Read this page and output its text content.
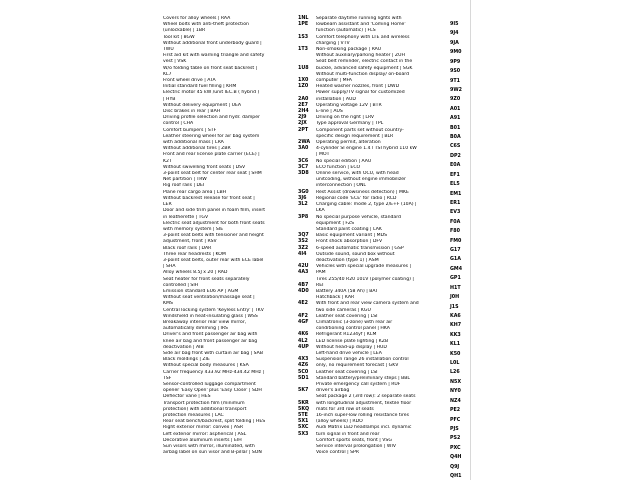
Covers for alloy wheels | RAA
Wheel bolts with anti-theft protection
(unlockable) | 1BR
Tool kit | 8GW
Without additional front underbody guard |
TWU
First aid kit with warning triangle and safety
vest | VSK
W/o folding table on front seat backrest |
KL7
Front wheel drive | ATA
Initial standard fuel filling | KRM
Electric motor 45 kW /unit IEC.B ( hybrid )
| HYB
Without delivery equipment | UEA
Disc brakes in rear | BAH
Driving profile selection and hydr. damper
control | CHA
Comfort bumpers | STF
Leather steering wheel for air bag system
with additional mass | LRA
Without additional tires | ZBR
Front and rear license plate carrier (ECE) |
K2T
Without swivelling front seats | DSV
3-point seat belt for center rear seat | SHM
Net partition | TRW
Rig roof rails | DEI
Plane rear cargo area | LBH
Without backrest release for front seat |
LER
Door and side trim panel in foam film, insert
in leatherette | TGV
Electric seat adjustment for both front seats
with memory system | SIE
3-point seat belts with tensioner and height
adjustment, front | RSV
Black roof rails | DAR
Three rear headrests | KOM
3-point seat belts, outer rear with ECE label
| SHA
Alloy wheels 8.5J x 20 | RAD
Seat heater for front seats separately
controlled | SIH
Emission standard EU6 AP | AGM
Without seat ventilation/massage seat |
KMS
Central locking system 'Keyless Entry' | TKV
Windshield in heat-insulating glass | WSS
Breakaway interior rear view mirror,
automatically dimming | IRS
Driver's and front passenger air bag with
knee air bag and front passenger air bag
deactivation | AIB
Side air bag front with curtain air bag | SAB
Black moldings | ZIE
Without special body measures | KSA
Carrier frequency 433.92 MHz-434.42 MHz |
TSF
Sensor-controlled luggage compartment
opener 'Easy Open' plus 'Easy Close' | SDH
Deflector vane | HES
Transport protection film (minimum
protection) with additional transport
protection measures | LAC
Rear seat bench/backrest, split folding | HES
Right exterior mirror: convex | ASR
Left exterior mirror: aspherical | ASL
Decorative aluminum inserts | EIH
Sun visors with mirror, illuminated, with
airbag label on sun visor and B-pillar | SON
1NL
1PE

1S3

1T3

1U8

1X0
1Z0

2A0
2E7
2H4
2J9
2JX
2PT

2WA
3A0

3C6
3C7
3D8

3G0
3J6
3L2

3P8

3Q7
3S2
3Z2
4I4

42U
4A3

4B7
4D0

4E2

4F2
4GF

4K6
4L2
4UP

4X3
4Z6
5C0
5D1

5K7

5KR
5KQ
5TE
5X1
5XC
5X3

Separate daytime running lights with
lowbeam assistant and 'Coming Home'
function (automatic) | FLS
Comfort telephony with LTE and wireless
charging | VTV
Non-smoking package | RAU
Without auxiliary/parking heater | ZUH
Seat belt reminder, electric contact in the
buckle, advanced safety equipment | SGK
Without multi-function display/ on-board
computer | MFA
Heated washer nozzles, front | DWD
Power supply/TV signal for customized
installation | AUD
Operating voltage 12V | BTR
E-line | AUS
Driving on the right | LRV
Type approval Germany | TPL
Component parts set without country-
specific design requirement | BLR
Operating permit, alteration
4-cylinder SI engine 1.4 l TSI hybrid 110 kW
| MOT
No special edition | AAU
ECO function | ECO
Online service, with OCU, with head
unitcoding, without engine immobilizer
interconnection | ONL
Rest Assist (drowsiness detection) | MKE
Regional code 'ECE' for radio | RCD
Charging cable: mode 2, type 2/E+F (10A) |
LKA
No special purpose vehicle, standard
equipment | FZS
Standard paint coating | LAK
Basic equipment variant | MDS
Front shock absorption | DFV
6-speed automatic transmission | GSP
Outside sound, sound box without
deactivation (type 1) | ASM
Vehicles with special upgrade measures |
PAM
Tires 255/40 R20 101V (polymer coating) |
REI
Battery 340A (58 Ah) | BAT
Hatchback | KAR
With front and rear view camera system and
two side cameras | KGU
Leather seat covering | LSI
Climatronic (3-zone) with rear air
conditioning control panel | HKA
Refrigerant R1234yf | KLM
LED license plate lighting | KZB
Without head-up display | HUD
Left-hand drive vehicle | LEA
Suspension range 26 installation control
only, no requirement forecast | GKV
Leather seat covering | LSI
Standard battery/preliminary steps | BBL
Private emergency call system | RUF
driver's airbag
Seat package 2 (3rd row): 2 separate seats
with longitudinal adjustment, textile floor
mats for 3rd row of seats
16-inch super-low rolling resistance tires
(alloy wheels) | RDO
Audi Matrix LED headlamps incl. dynamic
turn signal in front and rear
Comfort sports seats, front | VSG
Service interval prolongation | WIV
Voice control | SPR
9I5
9J4
9JA
9M0
9P9
9S0
9T1
9W2
9Z0
A01
A91
B01
B0A
C6S
DP2
E0A
EF1
EL5
EM1
ER1
EV3
F0A
F80
FM0
G17
G1A
GM4
GP1
H1T
J0H
J1S
KA6
KH7
KK3
KL1
K50
L0L
L26
N5X
NY0
NZ4
PE2
PFC
PJS
PS2
PXC
Q4H
Q9J
QH1
